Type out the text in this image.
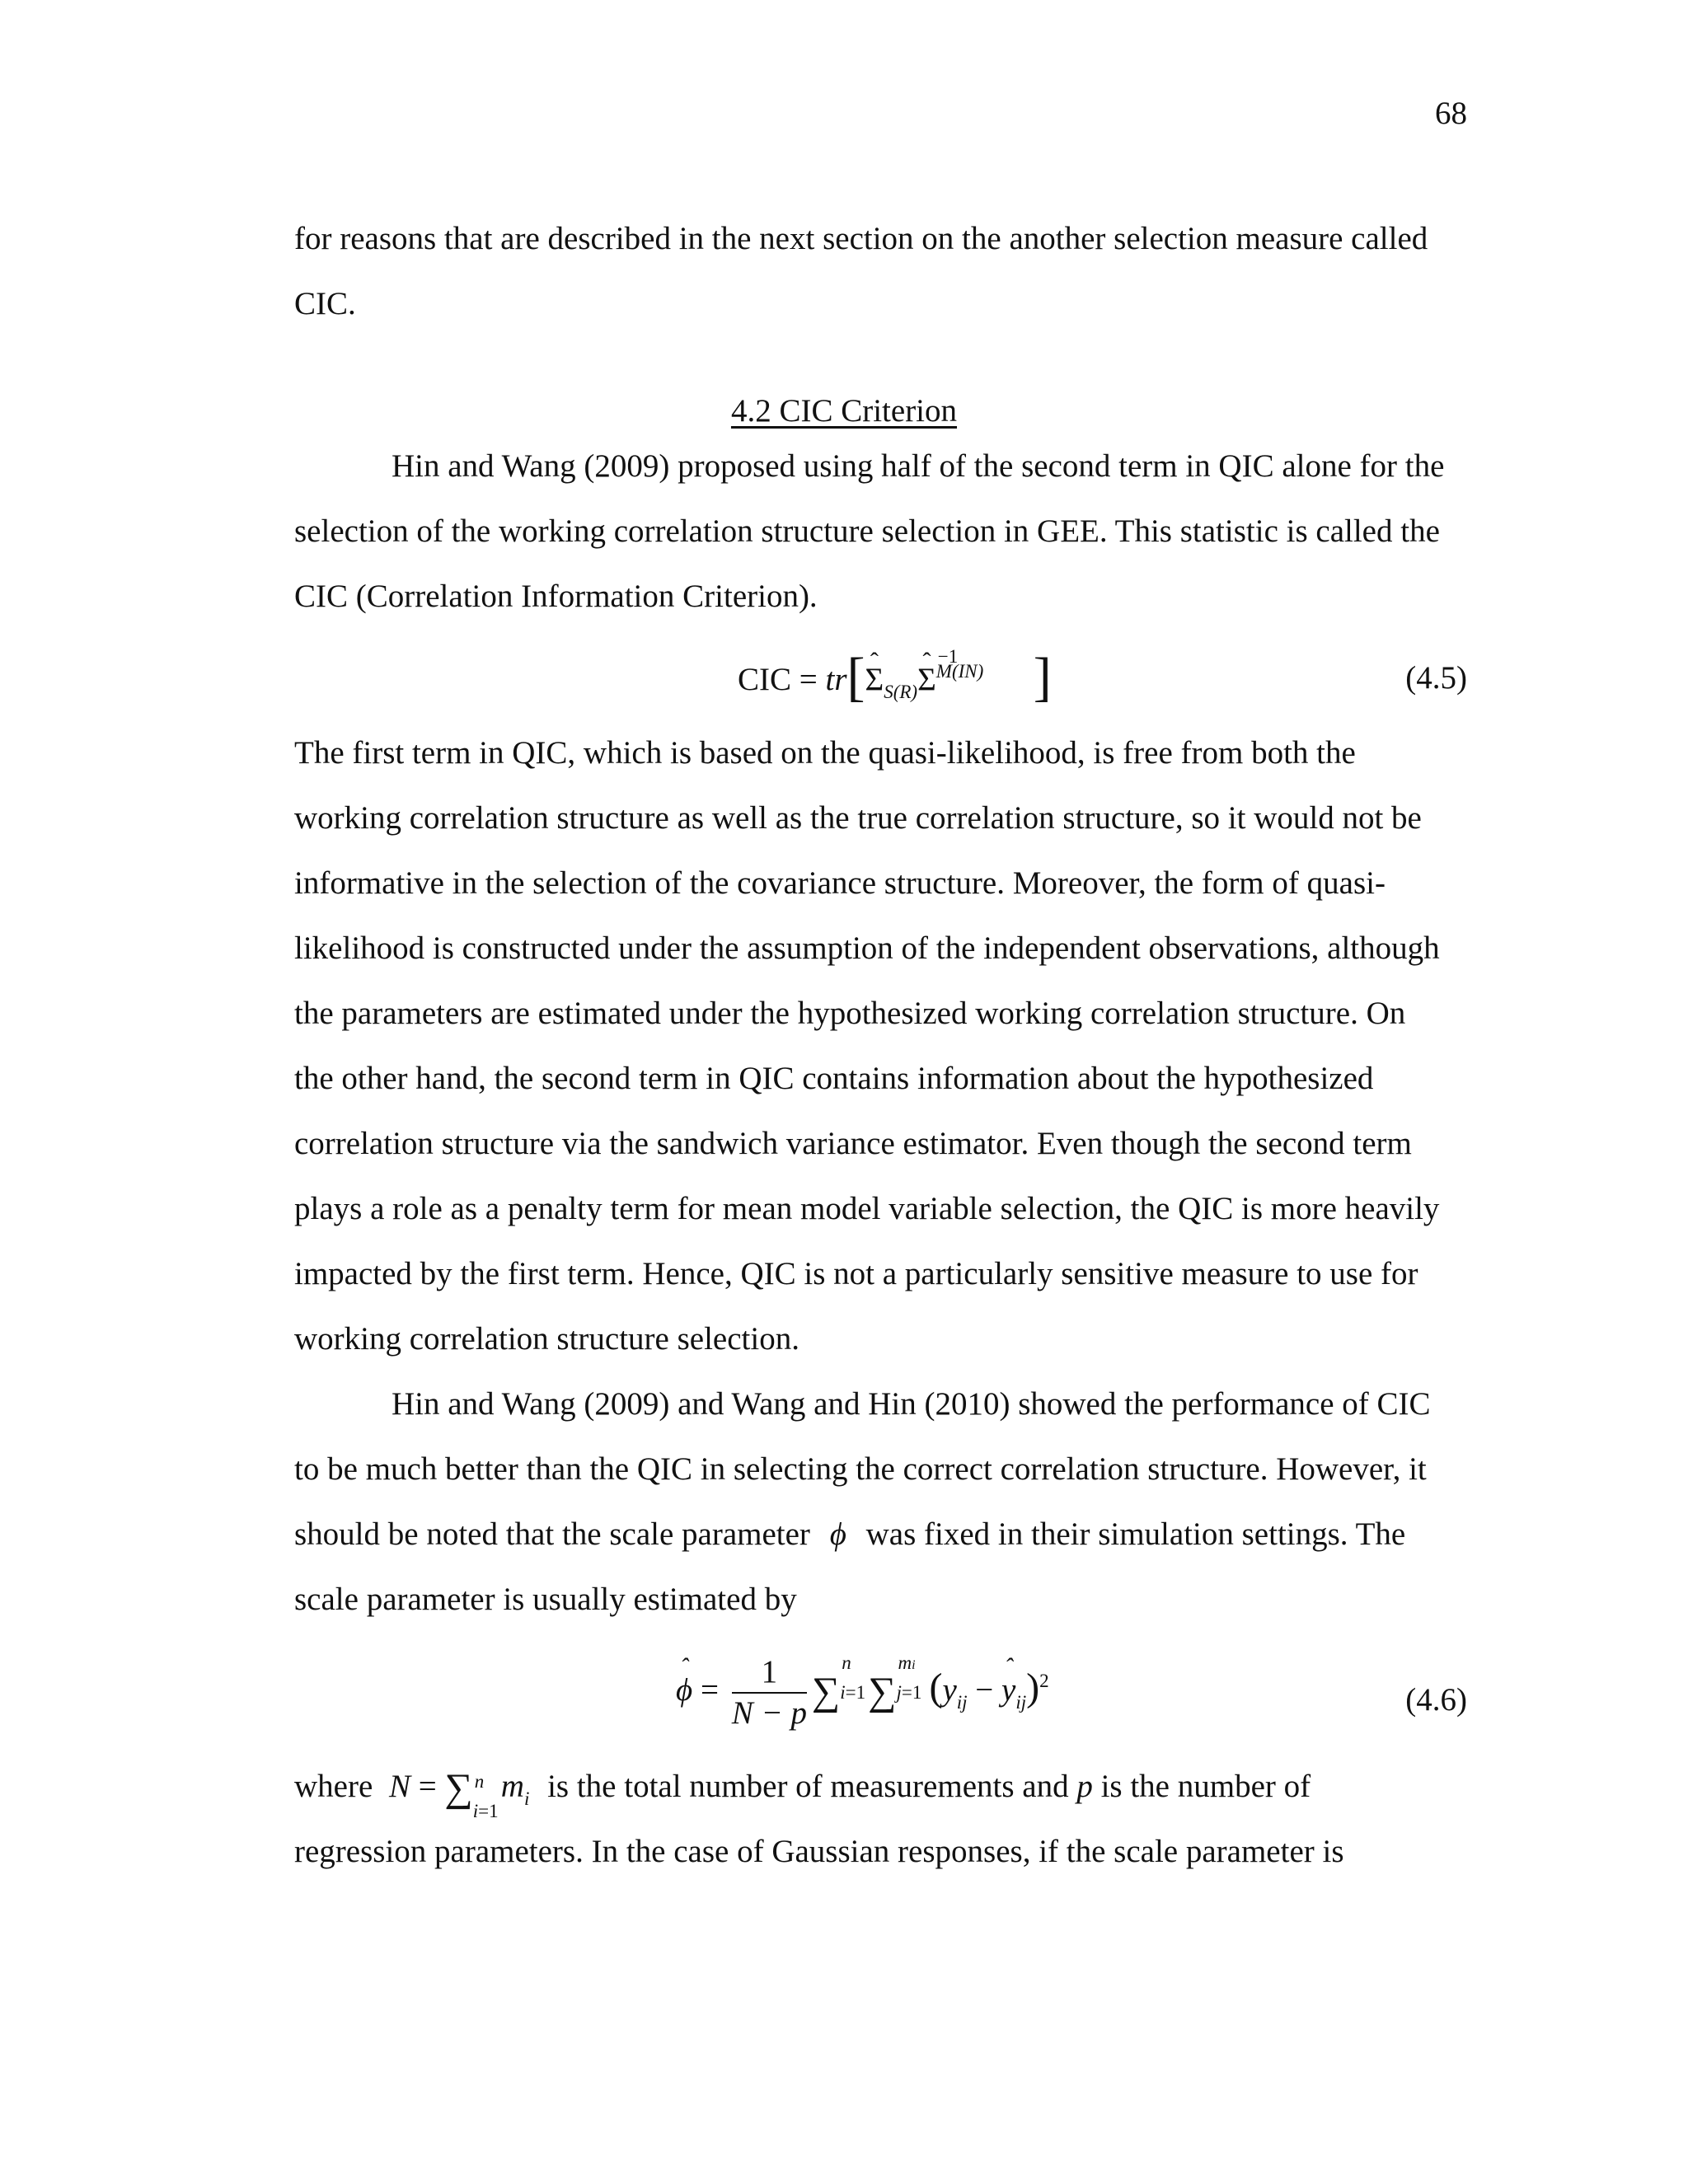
68
for reasons that are described in the next section on the another selection measure called
CIC.
4.2 CIC Criterion
Hin and Wang (2009) proposed using half of the second term in QIC alone for the
selection of the working correlation structure selection in GEE. This statistic is called the
CIC (Correlation Information Criterion).
CIC = tr[ˆ $\Sigma_{S(R)}ˆ$ Σ
−1
M(IN) ]	(4.5)
The first term in QIC, which is based on the quasi-likelihood, is free from both the
working correlation structure as well as the true correlation structure, so it would not be
informative in the selection of the covariance structure. Moreover, the form of quasi-
likelihood is constructed under the assumption of the independent observations, although
the parameters are estimated under the hypothesized working correlation structure. On
the other hand, the second term in QIC contains information about the hypothesized
correlation structure via the sandwich variance estimator. Even though the second term
plays a role as a penalty term for mean model variable selection, the QIC is more heavily
impacted by the first term. Hence, QIC is not a particularly sensitive measure to use for
working correlation structure selection.
Hin and Wang (2009) and Wang and Hin (2010) showed the performance of CIC
to be much better than the QIC in selecting the correct correlation structure. However, it
should be noted that the scale parameter ϕ was fixed in their simulation settings. The
scale parameter is usually estimated by
ˆ $\phi = \frac{1}{N - p}$ ∑
n
i=1 ∑
mi
j=1 ($y_{ij}$ − ˆ $y_{ij})^2$
(4.6)
where N = ∑ n
i=1
$m_i$ is the total number of measurements and p is the number of
regression parameters. In the case of Gaussian responses, if the scale parameter is
